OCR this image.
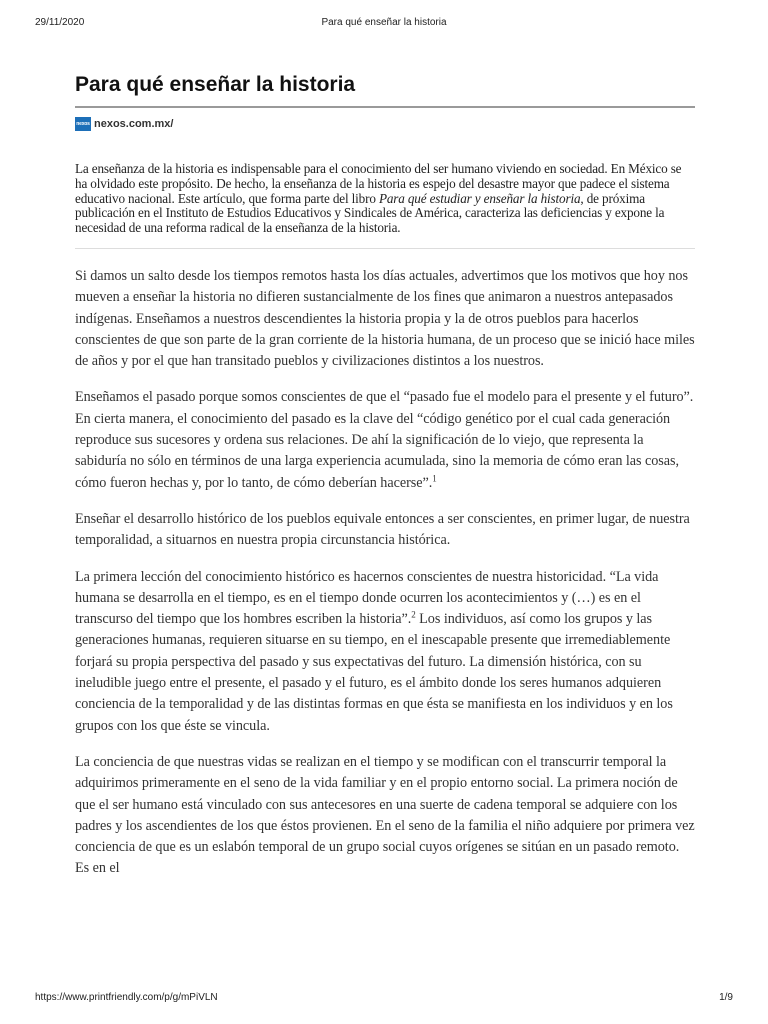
29/11/2020	Para qué enseñar la historia
Para qué enseñar la historia
nexos nexos.com.mx/

La enseñanza de la historia es indispensable para el conocimiento del ser humano viviendo en sociedad. En México se ha olvidado este propósito. De hecho, la enseñanza de la historia es espejo del desastre mayor que padece el sistema educativo nacional. Este artículo, que forma parte del libro Para qué estudiar y enseñar la historia, de próxima publicación en el Instituto de Estudios Educativos y Sindicales de América, caracteriza las deficiencias y expone la necesidad de una reforma radical de la enseñanza de la historia.

Si damos un salto desde los tiempos remotos hasta los días actuales, advertimos que los motivos que hoy nos mueven a enseñar la historia no difieren sustancialmente de los fines que animaron a nuestros antepasados indígenas. Enseñamos a nuestros descendientes la historia propia y la de otros pueblos para hacerlos conscientes de que son parte de la gran corriente de la historia humana, de un proceso que se inició hace miles de años y por el que han transitado pueblos y civilizaciones distintos a los nuestros.

Enseñamos el pasado porque somos conscientes de que el “pasado fue el modelo para el presente y el futuro”. En cierta manera, el conocimiento del pasado es la clave del “código genético por el cual cada generación reproduce sus sucesores y ordena sus relaciones. De ahí la significación de lo viejo, que representa la sabiduría no sólo en términos de una larga experiencia acumulada, sino la memoria de cómo eran las cosas, cómo fueron hechas y, por lo tanto, de cómo deberían hacerse”.$^1$

Enseñar el desarrollo histórico de los pueblos equivale entonces a ser conscientes, en primer lugar, de nuestra temporalidad, a situarnos en nuestra propia circunstancia histórica.

La primera lección del conocimiento histórico es hacernos conscientes de nuestra historicidad. “La vida humana se desarrolla en el tiempo, es en el tiempo donde ocurren los acontecimientos y (…) es en el transcurso del tiempo que los hombres escriben la historia”.$^2$ Los individuos, así como los grupos y las generaciones humanas, requieren situarse en su tiempo, en el inescapable presente que irremediablemente forjará su propia perspectiva del pasado y sus expectativas del futuro. La dimensión histórica, con su ineludible juego entre el presente, el pasado y el futuro, es el ámbito donde los seres humanos adquieren conciencia de la temporalidad y de las distintas formas en que ésta se manifiesta en los individuos y en los grupos con los que éste se vincula.

La conciencia de que nuestras vidas se realizan en el tiempo y se modifican con el transcurrir temporal la adquirimos primeramente en el seno de la vida familiar y en el propio entorno social. La primera noción de que el ser humano está vinculado con sus antecesores en una suerte de cadena temporal se adquiere con los padres y los ascendientes de los que éstos provienen. En el seno de la familia el niño adquiere por primera vez conciencia de que es un eslabón temporal de un grupo social cuyos orígenes se sitúan en un pasado remoto. Es en el

https://www.printfriendly.com/p/g/mPiVLN	1/9
